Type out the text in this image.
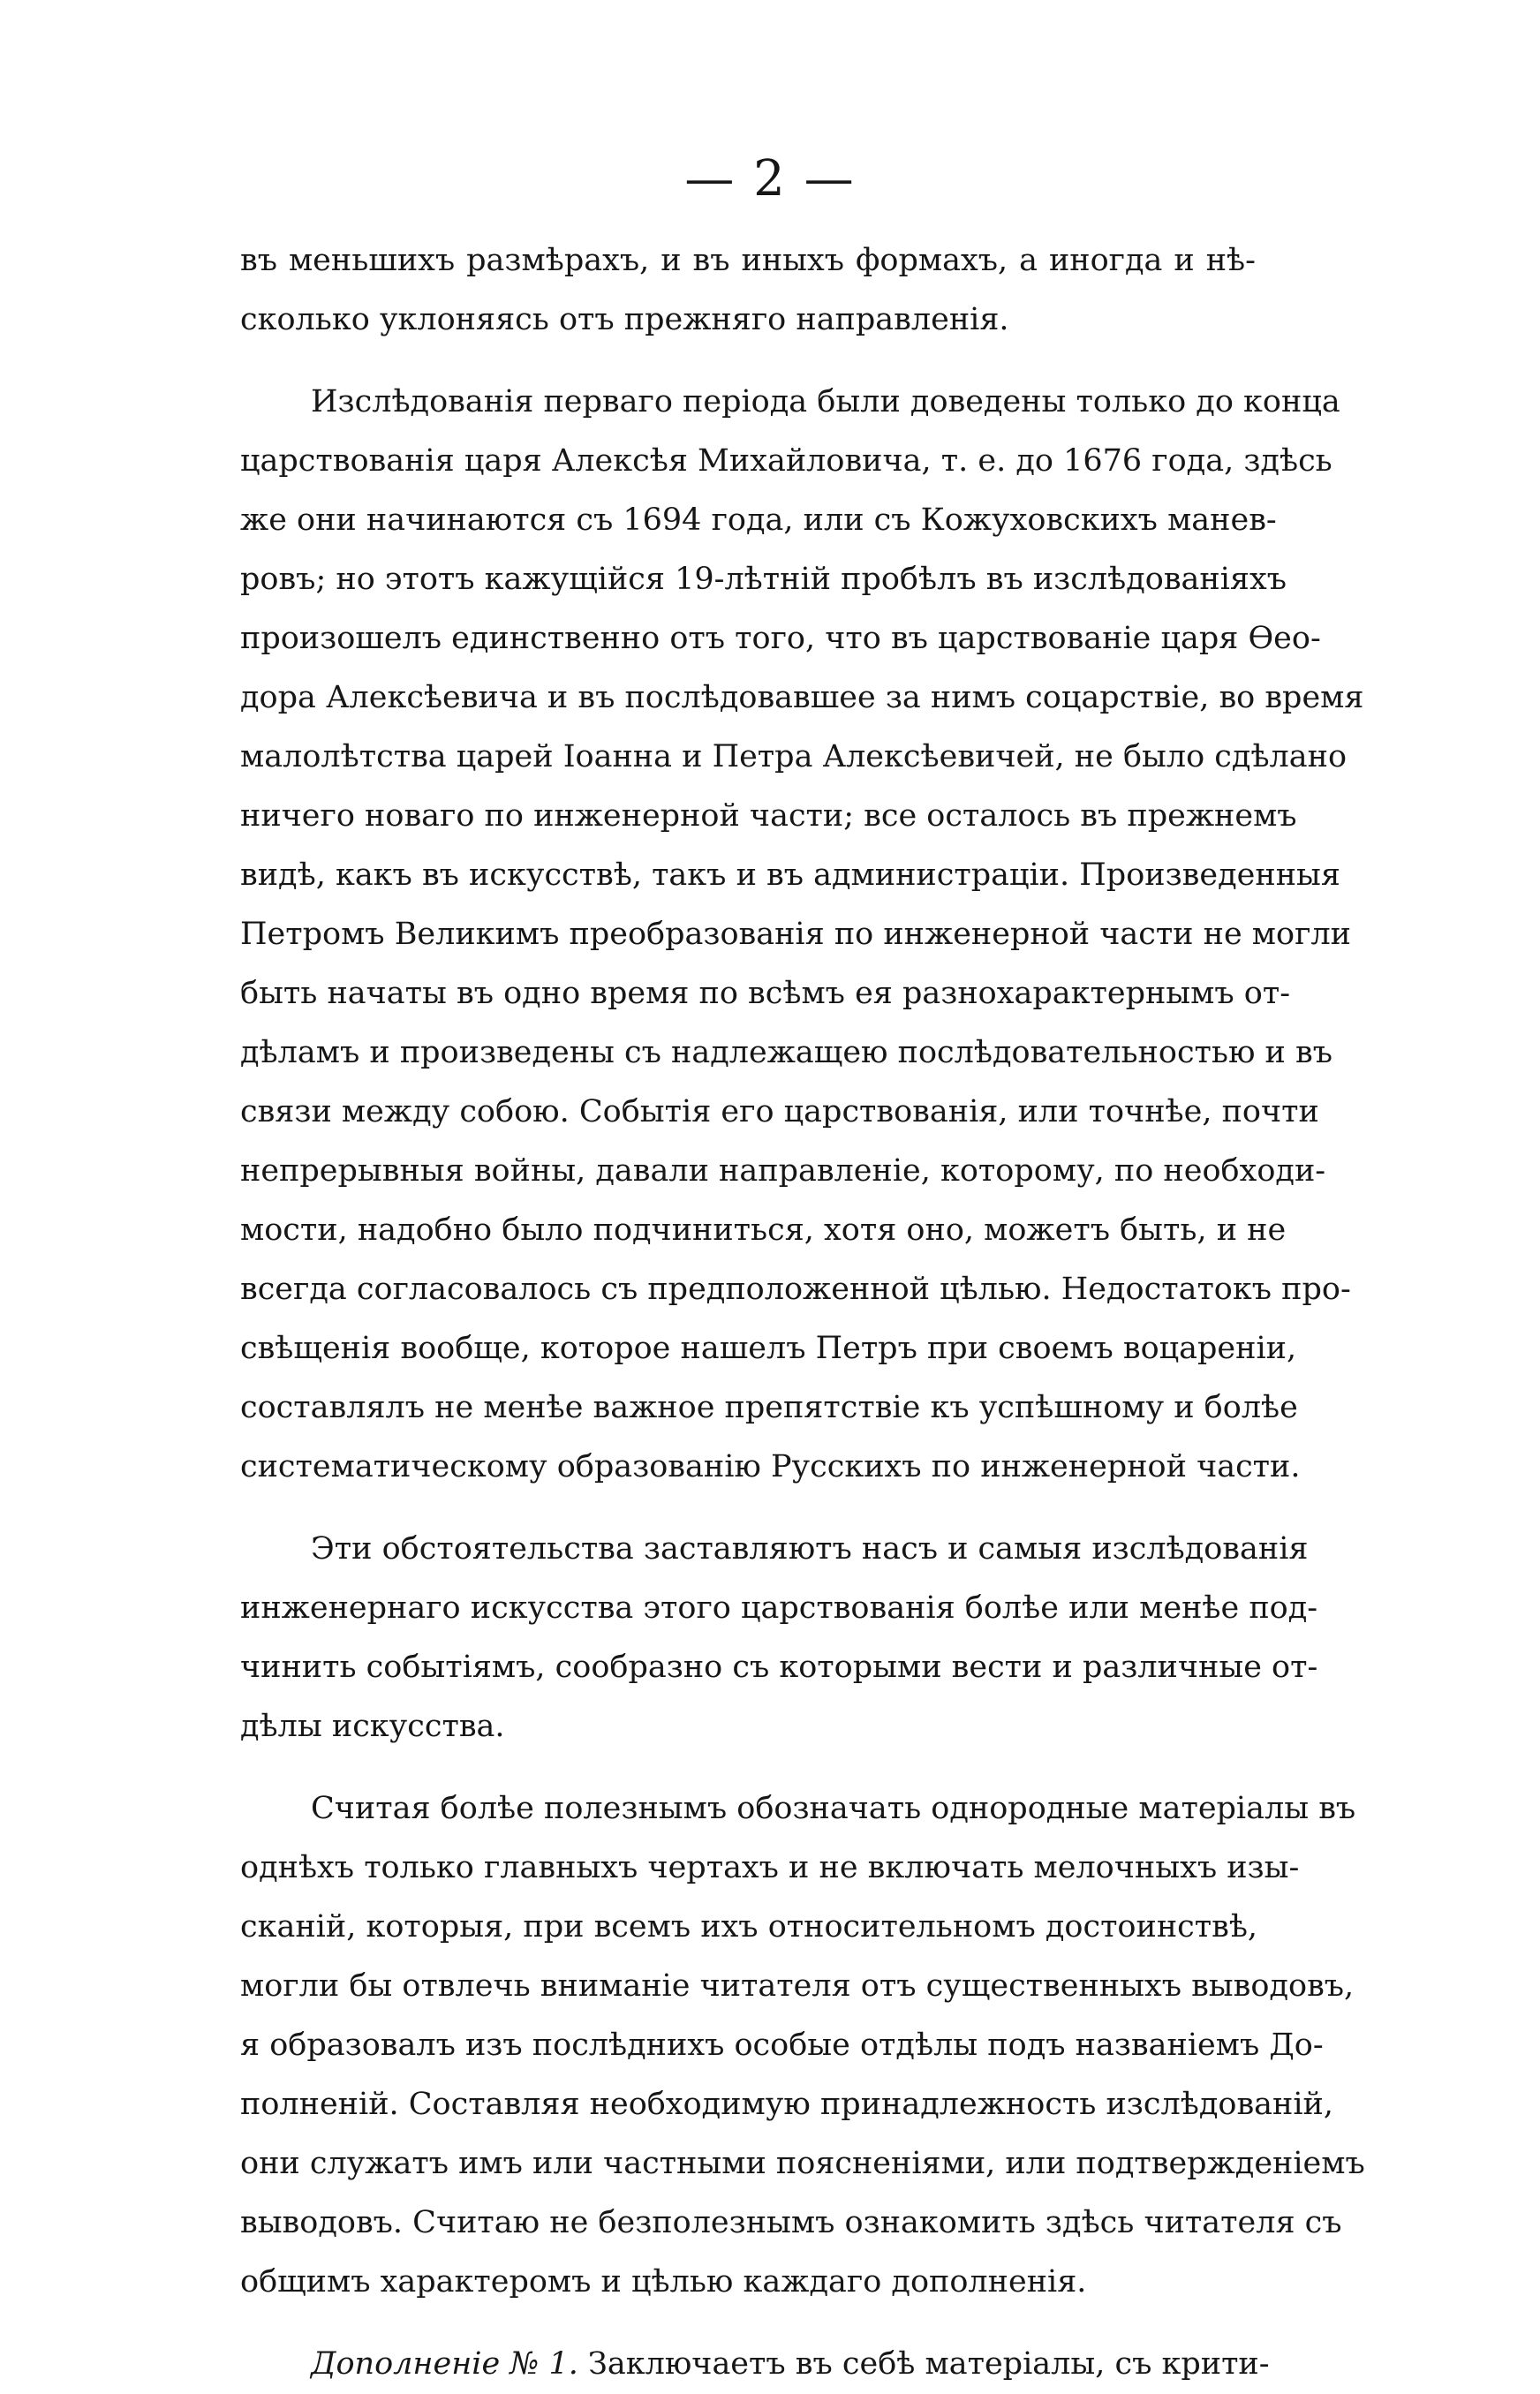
— 2 —
въ меньшихъ размѣрахъ, и въ иныхъ формахъ, а иногда и нѣ-
сколько уклоняясь отъ прежняго направленія.
Изслѣдованія перваго періода были доведены только до конца
царствованія царя Алексѣя Михайловича, т. е. до 1676 года, здѣсь
же они начинаются съ 1694 года, или съ Кожуховскихъ манев-
ровъ; но этотъ кажущійся 19-лѣтній пробѣлъ въ изслѣдованіяхъ
произошелъ единственно отъ того, что въ царствованіе царя Ѳео-
дора Алексѣевича и въ послѣдовавшее за нимъ соцарствіе, во время
малолѣтства царей Іоанна и Петра Алексѣевичей, не было сдѣлано
ничего новаго по инженерной части; все осталось въ прежнемъ
видѣ, какъ въ искусствѣ, такъ и въ администраціи. Произведенныя
Петромъ Великимъ преобразованія по инженерной части не могли
быть начаты въ одно время по всѣмъ ея разнохарактернымъ от-
дѣламъ и произведены съ надлежащею послѣдовательностью и въ
связи между собою. Событія его царствованія, или точнѣе, почти
непрерывныя войны, давали направленіе, которому, по необходи-
мости, надобно было подчиниться, хотя оно, можетъ быть, и не
всегда согласовалось съ предположенной цѣлью. Недостатокъ про-
свѣщенія вообще, которое нашелъ Петръ при своемъ воцареніи,
составлялъ не менѣе важное препятствіе къ успѣшному и болѣе
систематическому образованію Русскихъ по инженерной части.
Эти обстоятельства заставляютъ насъ и самыя изслѣдованія
инженернаго искусства этого царствованія болѣе или менѣе под-
чинить событіямъ, сообразно съ которыми вести и различные от-
дѣлы искусства.
Считая болѣе полезнымъ обозначать однородные матеріалы въ
однѣхъ только главныхъ чертахъ и не включать мелочныхъ изы-
сканій, которыя, при всемъ ихъ относительномъ достоинствѣ,
могли бы отвлечь вниманіе читателя отъ существенныхъ выводовъ,
я образовалъ изъ послѣднихъ особые отдѣлы подъ названіемъ До-
полненій. Составляя необходимую принадлежность изслѣдованій,
они служатъ имъ или частными поясненіями, или подтвержденіемъ
выводовъ. Считаю не безполезнымъ ознакомить здѣсь читателя съ
общимъ характеромъ и цѣлью каждаго дополненія.
Дополненіе № 1. Заключаетъ въ себѣ матеріалы, съ крити-
